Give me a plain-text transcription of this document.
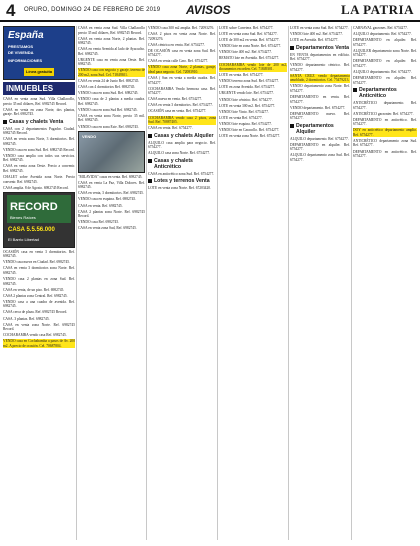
4 ORURO, DOMINGO 24 DE FEBRERO DE 2019 AVISOS	LA PATRIA
España
PRESTAMOS
DE VIVIENDA
INFORMACIONES
Línea gratuita
INMUEBLES
CASA en venta zona Sud. Villa Challacollo, precio 35 mil dólares, Ref. 6982745 Record.
CASA en venta en zona Norte, dos plantas, garaje. Ref. 6982745.
Casas y chalets Venta
CASA con 2 departamentos Pagador. Ciudad. 6982745 Record.
CASA en venta zona Norte, 3 dormitorios. Ref. 6982745.
VENDO casa en zona Sud. Ref. 6982745 Record.
VENDO casa amplia con todos sus servicios. Ref. 6982745.
CASA en venta zona Oeste. Precio a convenir. Ref. 6982745.
CHALET sobre Avenida zona Norte. Precio convenir. Ref. 6982745.
CASA amplia. 8 de Agosto. 6982745 Record.
RECORD
Bienes Raíces
CASA 5.5.56.000
El Barrio Libertad
OCASIÓN casa en venta 3 dormitorios. Ref. 6982745.
VENDO casa nueva en Ciudad. Ref. 6982745.
CASA en venta 3 dormitorios zona Norte. Ref. 6982745.
VENDO casa 2 plantas en zona Sud. Ref. 6982745.
CASA en venta, de un piso. Ref. 6982745.
CASA 2 plantas zona Central. Ref. 6982745.
VENDO casa a una cuadra de avenida. Ref. 6982745.
CASA cerca de plaza. Ref. 6982745 Record.
CASA. 3 plantas. Ref. 6982745.
CASA en venta zona Norte. Ref. 6982745 Record.
COCHABAMBA vendo casa Ref. 6982745.
VENDO casa en Cochabamba a pasos de Av. 200 m2. A precio de ocasión. Cel. 70687804.
CASA en venta zona Sud. Villa Challacollo precio 35 mil dólares, Ref. 6982745 Record.
CASA en venta zona Norte, 2 plantas. Ref. 6982745.
CASA en venta Avenida al lado de Ayacucho. Ref. 6982745.
URGENTE casa en venta zona Oeste. Ref. 6982745.
VENDO casa con negocio y garaje, terreno de 200 m2, zona Sud. Cel. 71849301.
CASA en venta 24 de Junio Ref. 6982745.
CASA con 4 dormitorios Ref. 6982745.
VENDO casa en zona Sud. Ref. 6982745.
VENDO casa de 2 plantas a media cuadra. Ref. 6982745.
VENDO casa en zona Sud Ref. 6982745.
CASA en venta zona Norte, precio 35 mil. Ref. 6982745.
VENDO casa en zona Este. Ref. 6982745.
VENDO
"MILAVIDA" casas en venta. Ref. 6982745.
CASA en venta La Paz, Villa Dolores. Ref. 6982745.
CASA en venta, 3 dormitorios. Ref. 6982745.
VENDO casa en esquina. Ref. 6982745.
CASA en venta. Ref. 6982745.
CASA 2 plantas zona Norte. Ref. 6982745 Record.
VENDO casa Ref. 6982745.
CASA en venta zona Sud, Ref. 6982745.
VENDO casa 300 m2 amplia. Ref. 72093276.
CASA 2 pisos en venta zona Norte. Ref. 72093276.
CASA céntrica en venta. Ref. 6754277.
DE OCASIÓN casa en venta zona Sud. Ref. 6754277.
CASA en venta calle Caro. Ref. 6754277.
VENDO casa zona Norte, 2 plantas, garaje, ideal para negocio. Cel. 72083910.
CASA ( San en venta a media cuadra. Ref. 6754277.
COCHABAMBA Vendo hermosa casa. Ref. 6754277.
CASA nueva en venta. Ref. 6754277.
CASA en venta 3 dormitorios. Ref. 6754277.
OCASIÓN casa en venta. Ref. 6754277.
COCHABAMBA vendo casa 2 pisos, zona Sud. Ref. 70887405.
CASA en venta. Ref. 6754277.
Casas y chalets Alquiler
ALQUILO casa amplia para negocio. Ref. 6754277.
ALQUILO casa zona Norte. Ref. 6754277.
Casas y chalets Anticrético
CASA en anticrético zona Sud. Ref. 6754277.
Lotes y terrenos Venta
LOTE en venta zona Norte. Ref. 67203420.
LOTE sobre Carretera. Ref. 6754277.
LOTE en venta zona Sud. Ref. 6754277.
LOTE de 300 m2 en venta. Ref. 6754277.
VENDO lote en zona Norte. Ref. 6754277.
VENDO lote 400 m2. Ref. 6754277.
REMATO lote en Avenida. Ref. 6754277.
COCHABAMBA vendo lote de 200 m2, documentos en orden. Cel. 71849301.
LOTE en venta. Ref. 6754277.
VENDO terreno zona Sud. Ref. 6754277.
LOTE en zona Avenida. Ref. 6754277.
URGENTE vendo lote. Ref. 6754277.
VENDO lote céntrico. Ref. 6754277.
LOTE en venta 300 m2. Ref. 6754277.
VENDO lote Vinto. Ref. 6754277.
LOTE en venta Ref. 6754277.
VENDO lote esquina. Ref. 6754277.
VENDO lote en Caracollo. Ref. 6754277.
LOTE en venta zona Norte. Ref. 6754277.
LOTE en venta zona Sud. Ref. 6754277.
VENDO lote 400 m2. Ref. 6754277.
LOTE en Avenida. Ref. 6754277.
Departamentos Venta
EN VENTA departamentos en edificio. Ref. 6754277.
VENDO departamento céntrico. Ref. 6754277.
SANTA CRUZ vendo departamento amoblado, 2 dormitorios. Cel. 75479213.
VENDO departamento zona Norte. Ref. 6754277.
DEPARTAMENTO en venta. Ref. 6754277.
VENDO departamento. Ref. 6754277.
DEPARTAMENTO nuevo. Ref. 6754277.
Departamentos Alquiler
ALQUILO departamento. Ref. 6754277.
DEPARTAMENTO en alquiler. Ref. 6754277.
ALQUILO departamento zona Sud. Ref. 6754277.
CARNAVAL garzones. Ref. 6754277.
ALQUILO departamento. Ref. 6754277.
DEPARTAMENTO en alquiler. Ref. 6754277.
ALQUILER departamento zona Norte. Ref. 6754277.
DEPARTAMENTO en alquiler. Ref. 6754277.
ALQUILO departamento. Ref. 6754277.
DEPARTAMENTO en alquiler. Ref. 6754277.
Departamentos Anticrético
ANTICRÉTICO departamento. Ref. 6754277.
ANTICRÉTICO garzonier. Ref. 6754277.
DEPARTAMENTO en anticrético. Ref. 6754277.
DOY en anticrético departamento amplio. Ref. 6754277.
ANTICRÉTICO departamento zona Sud. Ref. 6754277.
DEPARTAMENTO en anticrético. Ref. 6754277.
